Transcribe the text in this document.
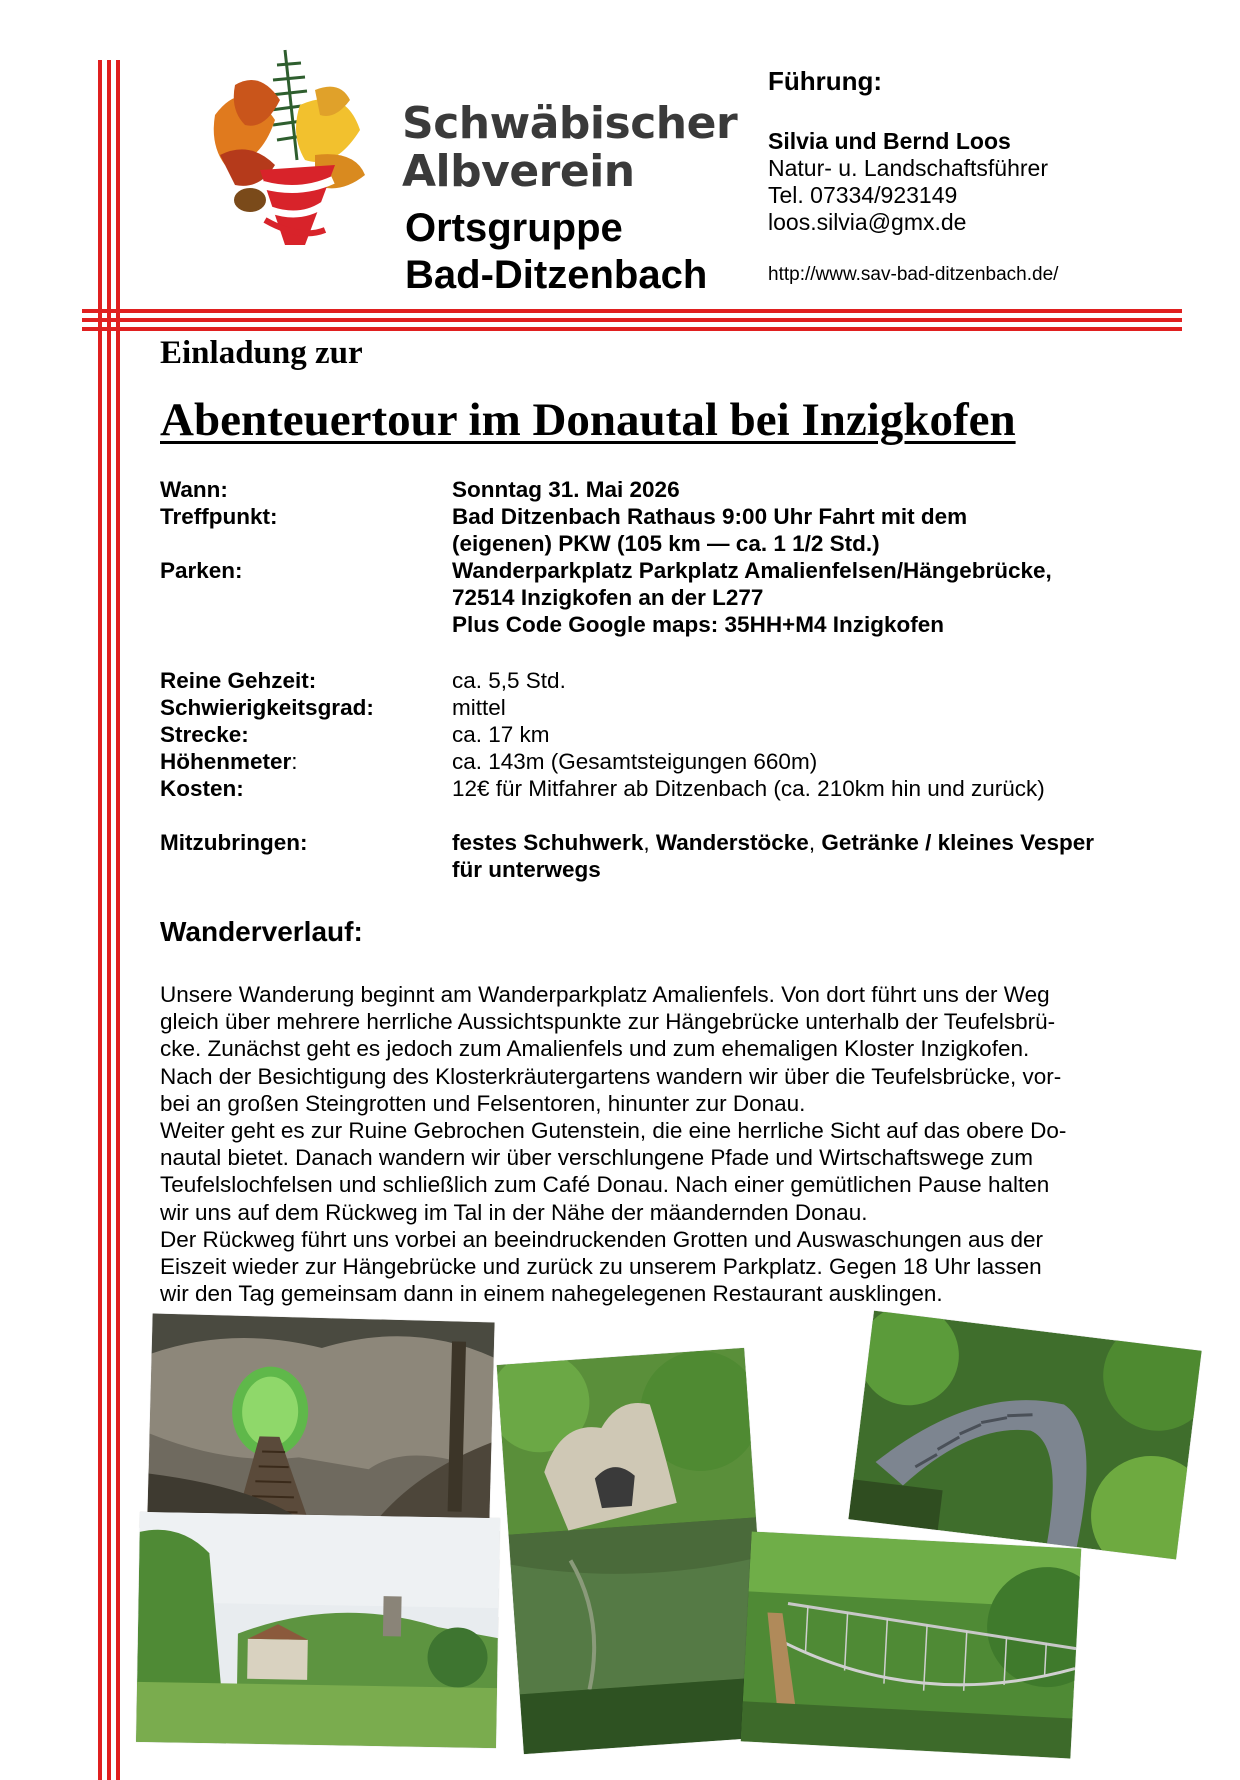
Schwäbischer
Albverein
Ortsgruppe
Bad-Ditzenbach
Führung:
Silvia und Bernd Loos
Natur- u. Landschaftsführer
Tel. 07334/923149
loos.silvia@gmx.de
http://www.sav-bad-ditzenbach.de/
Einladung zur
Abenteuertour im Donautal bei Inzigkofen
Wann:	Sonntag 31. Mai 2026
Treffpunkt:	Bad Ditzenbach Rathaus 9:00 Uhr Fahrt mit dem
(eigenen) PKW (105 km — ca. 1 1/2 Std.)
Parken:	Wanderparkplatz Parkplatz Amalienfelsen/Hängebrücke,
72514 Inzigkofen an der L277
Plus Code Google maps: 35HH+M4 Inzigkofen
Reine Gehzeit:	ca. 5,5 Std.
Schwierigkeitsgrad:	mittel
Strecke:	ca. 17 km
Höhenmeter:	ca. 143m (Gesamtsteigungen 660m)
Kosten:	12€ für Mitfahrer ab Ditzenbach (ca. 210km hin und zurück)
Mitzubringen:	festes Schuhwerk, Wanderstöcke, Getränke / kleines Vesper
für unterwegs
Wanderverlauf:

Unsere Wanderung beginnt am Wanderparkplatz Amalienfels. Von dort führt uns der Weg

gleich über mehrere herrliche Aussichtspunkte zur Hängebrücke unterhalb der Teufelsbrü-

cke. Zunächst geht es jedoch zum Amalienfels und zum ehemaligen Kloster Inzigkofen.

Nach der Besichtigung des Klosterkräutergartens wandern wir über die Teufelsbrücke, vor-

bei an großen Steingrotten und Felsentoren, hinunter zur Donau.

Weiter geht es zur Ruine Gebrochen Gutenstein, die eine herrliche Sicht auf das obere Do-

nautal bietet. Danach wandern wir über verschlungene Pfade und Wirtschaftswege zum

Teufelslochfelsen und schließlich zum Café Donau. Nach einer gemütlichen Pause halten

wir uns auf dem Rückweg im Tal in der Nähe der mäandernden Donau.

Der Rückweg führt uns vorbei an beeindruckenden Grotten und Auswaschungen aus der

Eiszeit wieder zur Hängebrücke und zurück zu unserem Parkplatz. Gegen 18 Uhr lassen

wir den Tag gemeinsam dann in einem nahegelegenen Restaurant ausklingen.
